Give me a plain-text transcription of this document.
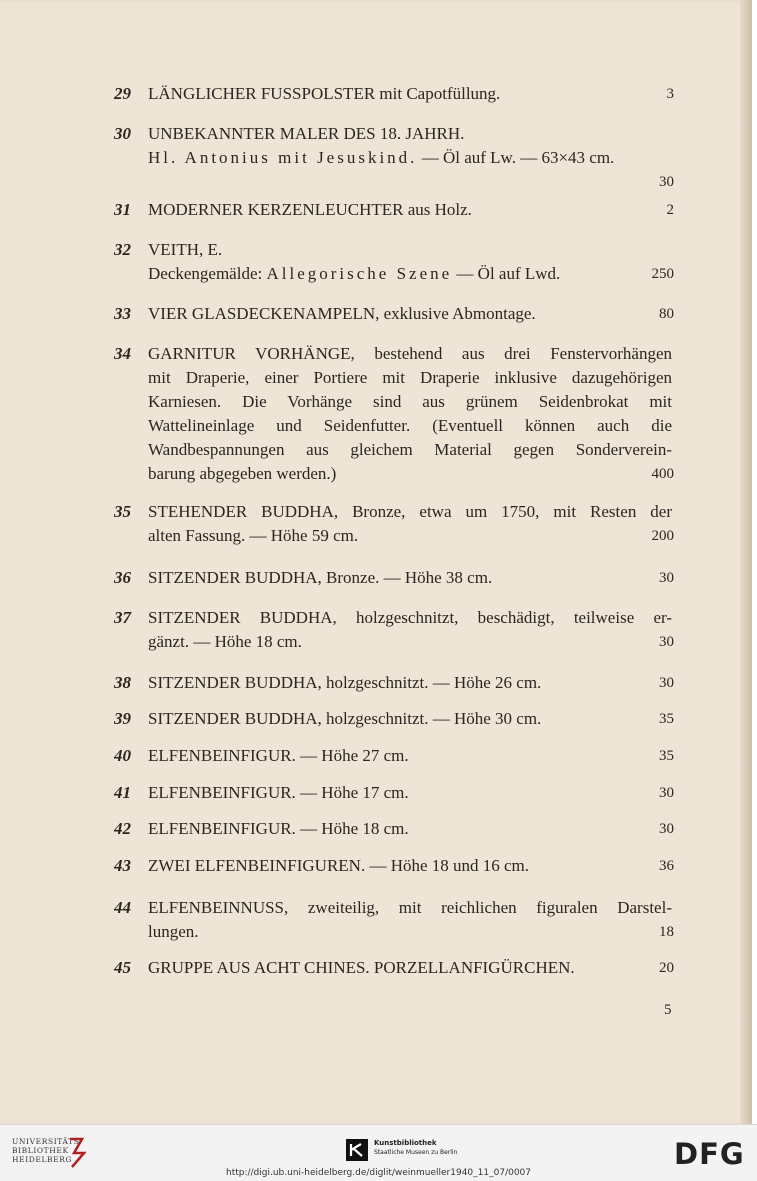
29	LÄNGLICHER FUSSPOLSTER mit Capotfüllung.	3
30	UNBEKANNTER MALER DES 18. JAHRH.
Hl. Antonius mit Jesuskind. — Öl auf Lw. — 63×43 cm.
30
31	MODERNER KERZENLEUCHTER aus Holz.	2
32	VEITH, E.
Deckengemälde: Allegorische Szene — Öl auf Lwd.	250
33	VIER GLASDECKENAMPELN, exklusive Abmontage.	80
34	GARNITUR VORHÄNGE, bestehend aus drei Fenstervorhängen
mit Draperie, einer Portiere mit Draperie inklusive dazugehörigen
Karniesen. Die Vorhänge sind aus grünem Seidenbrokat mit
Wattelineinlage und Seidenfutter. (Eventuell können auch die
Wandbespannungen aus gleichem Material gegen Sonderverein-
barung abgegeben werden.)	400
35	STEHENDER BUDDHA, Bronze, etwa um 1750, mit Resten der
alten Fassung. — Höhe 59 cm.	200
36	SITZENDER BUDDHA, Bronze. — Höhe 38 cm.	30
37	SITZENDER BUDDHA, holzgeschnitzt, beschädigt, teilweise er-
gänzt. — Höhe 18 cm.	30
38	SITZENDER BUDDHA, holzgeschnitzt. — Höhe 26 cm.	30
39	SITZENDER BUDDHA, holzgeschnitzt. — Höhe 30 cm.	35
40	ELFENBEINFIGUR. — Höhe 27 cm.	35
41	ELFENBEINFIGUR. — Höhe 17 cm.	30
42	ELFENBEINFIGUR. — Höhe 18 cm.	30
43	ZWEI ELFENBEINFIGUREN. — Höhe 18 und 16 cm.	36
44	ELFENBEINNUSS, zweiteilig, mit reichlichen figuralen Darstel-
lungen.	18
45	GRUPPE AUS ACHT CHINES. PORZELLANFIGÜRCHEN.	20
5
UNIVERSITÄTS-
BIBLIOTHEK
HEIDELBERG
Kunstbibliothek
Staatliche Museen zu Berlin	DFG
http://digi.ub.uni-heidelberg.de/diglit/weinmueller1940_11_07/0007
